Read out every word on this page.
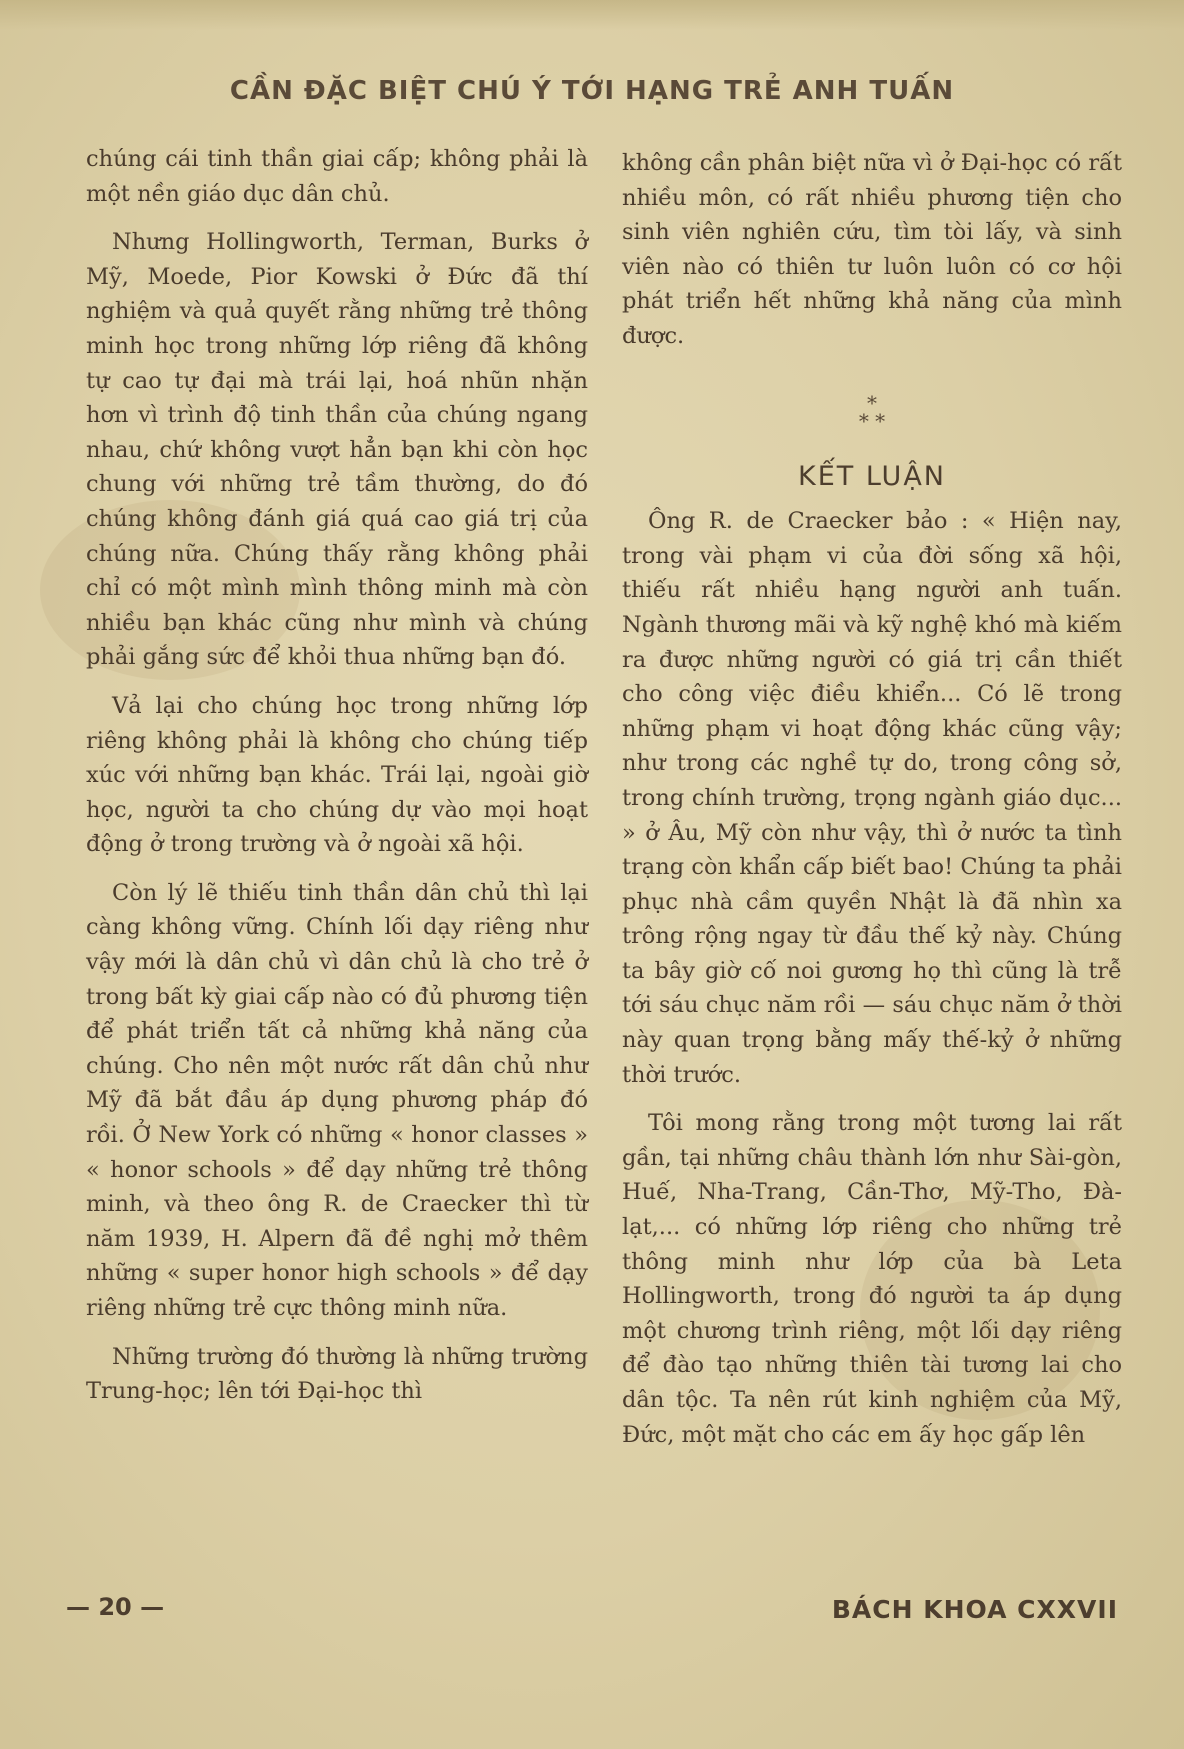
CẦN ĐẶC BIỆT CHÚ Ý TỚI HẠNG TRẺ ANH TUẤN

chúng cái tinh thần giai cấp; không phải là một nền giáo dục dân chủ.

Nhưng Hollingworth, Terman, Burks ở Mỹ, Moede, Pior Kowski ở Đức đã thí nghiệm và quả quyết rằng những trẻ thông minh học trong những lớp riêng đã không tự cao tự đại mà trái lại, hoá nhũn nhặn hơn vì trình độ tinh thần của chúng ngang nhau, chứ không vượt hẳn bạn khi còn học chung với những trẻ tầm thường, do đó chúng không đánh giá quá cao giá trị của chúng nữa. Chúng thấy rằng không phải chỉ có một mình mình thông minh mà còn nhiều bạn khác cũng như mình và chúng phải gắng sức để khỏi thua những bạn đó.

Vả lại cho chúng học trong những lớp riêng không phải là không cho chúng tiếp xúc với những bạn khác. Trái lại, ngoài giờ học, người ta cho chúng dự vào mọi hoạt động ở trong trường và ở ngoài xã hội.

Còn lý lẽ thiếu tinh thần dân chủ thì lại càng không vững. Chính lối dạy riêng như vậy mới là dân chủ vì dân chủ là cho trẻ ở trong bất kỳ giai cấp nào có đủ phương tiện để phát triển tất cả những khả năng của chúng. Cho nên một nước rất dân chủ như Mỹ đã bắt đầu áp dụng phương pháp đó rồi. Ở New York có những « honor classes » « honor schools » để dạy những trẻ thông minh, và theo ông R. de Craecker thì từ năm 1939, H. Alpern đã đề nghị mở thêm những « super honor high schools » để dạy riêng những trẻ cực thông minh nữa.

Những trường đó thường là những trường Trung-học; lên tới Đại-học thì

không cần phân biệt nữa vì ở Đại-học có rất nhiều môn, có rất nhiều phương tiện cho sinh viên nghiên cứu, tìm tòi lấy, và sinh viên nào có thiên tư luôn luôn có cơ hội phát triển hết những khả năng của mình được.

*
* *
KẾT LUẬN

Ông R. de Craecker bảo : « Hiện nay, trong vài phạm vi của đời sống xã hội, thiếu rất nhiều hạng người anh tuấn. Ngành thương mãi và kỹ nghệ khó mà kiếm ra được những người có giá trị cần thiết cho công việc điều khiển... Có lẽ trong những phạm vi hoạt động khác cũng vậy; như trong các nghề tự do, trong công sở, trong chính trường, trọng ngành giáo dục... » ở Âu, Mỹ còn như vậy, thì ở nước ta tình trạng còn khẩn cấp biết bao! Chúng ta phải phục nhà cầm quyền Nhật là đã nhìn xa trông rộng ngay từ đầu thế kỷ này. Chúng ta bây giờ cố noi gương họ thì cũng là trễ tới sáu chục năm rồi — sáu chục năm ở thời này quan trọng bằng mấy thế-kỷ ở những thời trước.

Tôi mong rằng trong một tương lai rất gần, tại những châu thành lớn như Sài-gòn, Huế, Nha-Trang, Cần-Thơ, Mỹ-Tho, Đà-lạt,... có những lớp riêng cho những trẻ thông minh như lớp của bà Leta Hollingworth, trong đó người ta áp dụng một chương trình riêng, một lối dạy riêng để đào tạo những thiên tài tương lai cho dân tộc. Ta nên rút kinh nghiệm của Mỹ, Đức, một mặt cho các em ấy học gấp lên

— 20 —	BÁCH KHOA CXXVII
